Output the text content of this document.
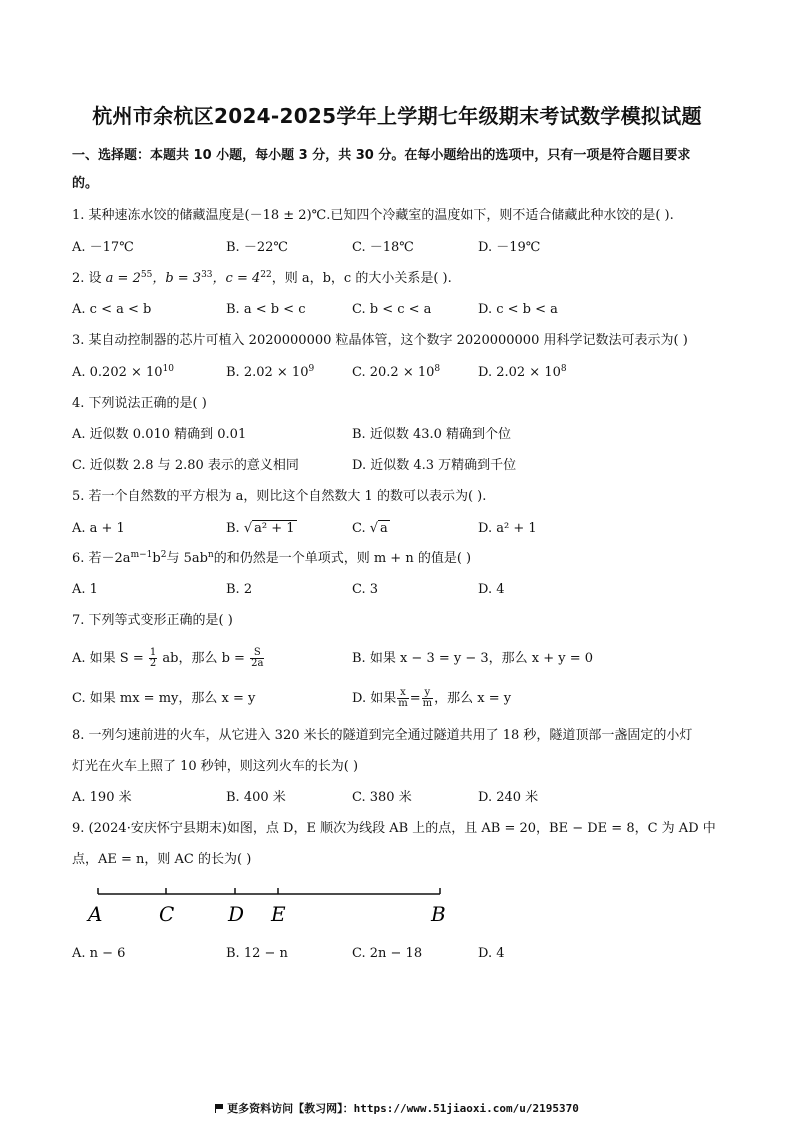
杭州市余杭区2024-2025学年上学期七年级期末考试数学模拟试题
一、选择题：本题共 10 小题，每小题 3 分，共 30 分。在每小题给出的选项中，只有一项是符合题目要求
的。
1. 某种速冻水饺的储藏温度是(－18 ± 2)℃.已知四个冷藏室的温度如下，则不适合储藏此种水饺的是( ).
A. －17℃	B. －22℃	C. －18℃	D. －19℃
2. 设 $a = 2^{55}$，$b = 3^{33}$，$c = 4^{22}$，则 a，b，c 的大小关系是( ).
A. c < a < b	B. a < b < c	C. b < c < a	D. c < b < a
3. 某自动控制器的芯片可植入 2020000000 粒晶体管，这个数字 2020000000 用科学记数法可表示为( )
A. $0.202 \times 10^{10}$	B. $2.02 \times 10^9$	C. $20.2 \times 10^8$	D. $2.02 \times 10^8$
4. 下列说法正确的是( )
A. 近似数 0.010 精确到 0.01	B. 近似数 43.0 精确到个位
C. 近似数 2.8 与 2.80 表示的意义相同	D. 近似数 4.3 万精确到千位
5. 若一个自然数的平方根为 a，则比这个自然数大 1 的数可以表示为( ).
A. a + 1	B. √ a² + 1	C. √ a	D. a² + 1
6. 若$-2a^{m-1}b^2$与 $5ab^n$的和仍然是一个单项式，则 m + n 的值是( )
A. 1	B. 2	C. 3	D. 4
7. 下列等式变形正确的是( )
A. 如果 $S = \frac{1}{2}$ ab，那么 $b = \frac{S}{2a}$	B. 如果 x − 3 = y − 3，那么 x + y = 0
C. 如果 mx = my，那么 x = y	D. 如果 $\frac{x}{m} = \frac{y}{m}$ ，那么 x = y
8. 一列匀速前进的火车，从它进入 320 米长的隧道到完全通过隧道共用了 18 秒，隧道顶部一盏固定的小灯
灯光在火车上照了 10 秒钟，则这列火车的长为( )
A. 190 米	B. 400 米	C. 380 米	D. 240 米
9. (2024·安庆怀宁县期末)如图，点 D，E 顺次为线段 AB 上的点，且 AB = 20，BE − DE = 8，C 为 AD 中
点，AE = n，则 AC 的长为( )
A	C	D E	B
A. n − 6	B. 12 − n	C. 2n − 18	D. 4
更多资料访问【教习网】：https://www.51jiaoxi.com/u/2195370
